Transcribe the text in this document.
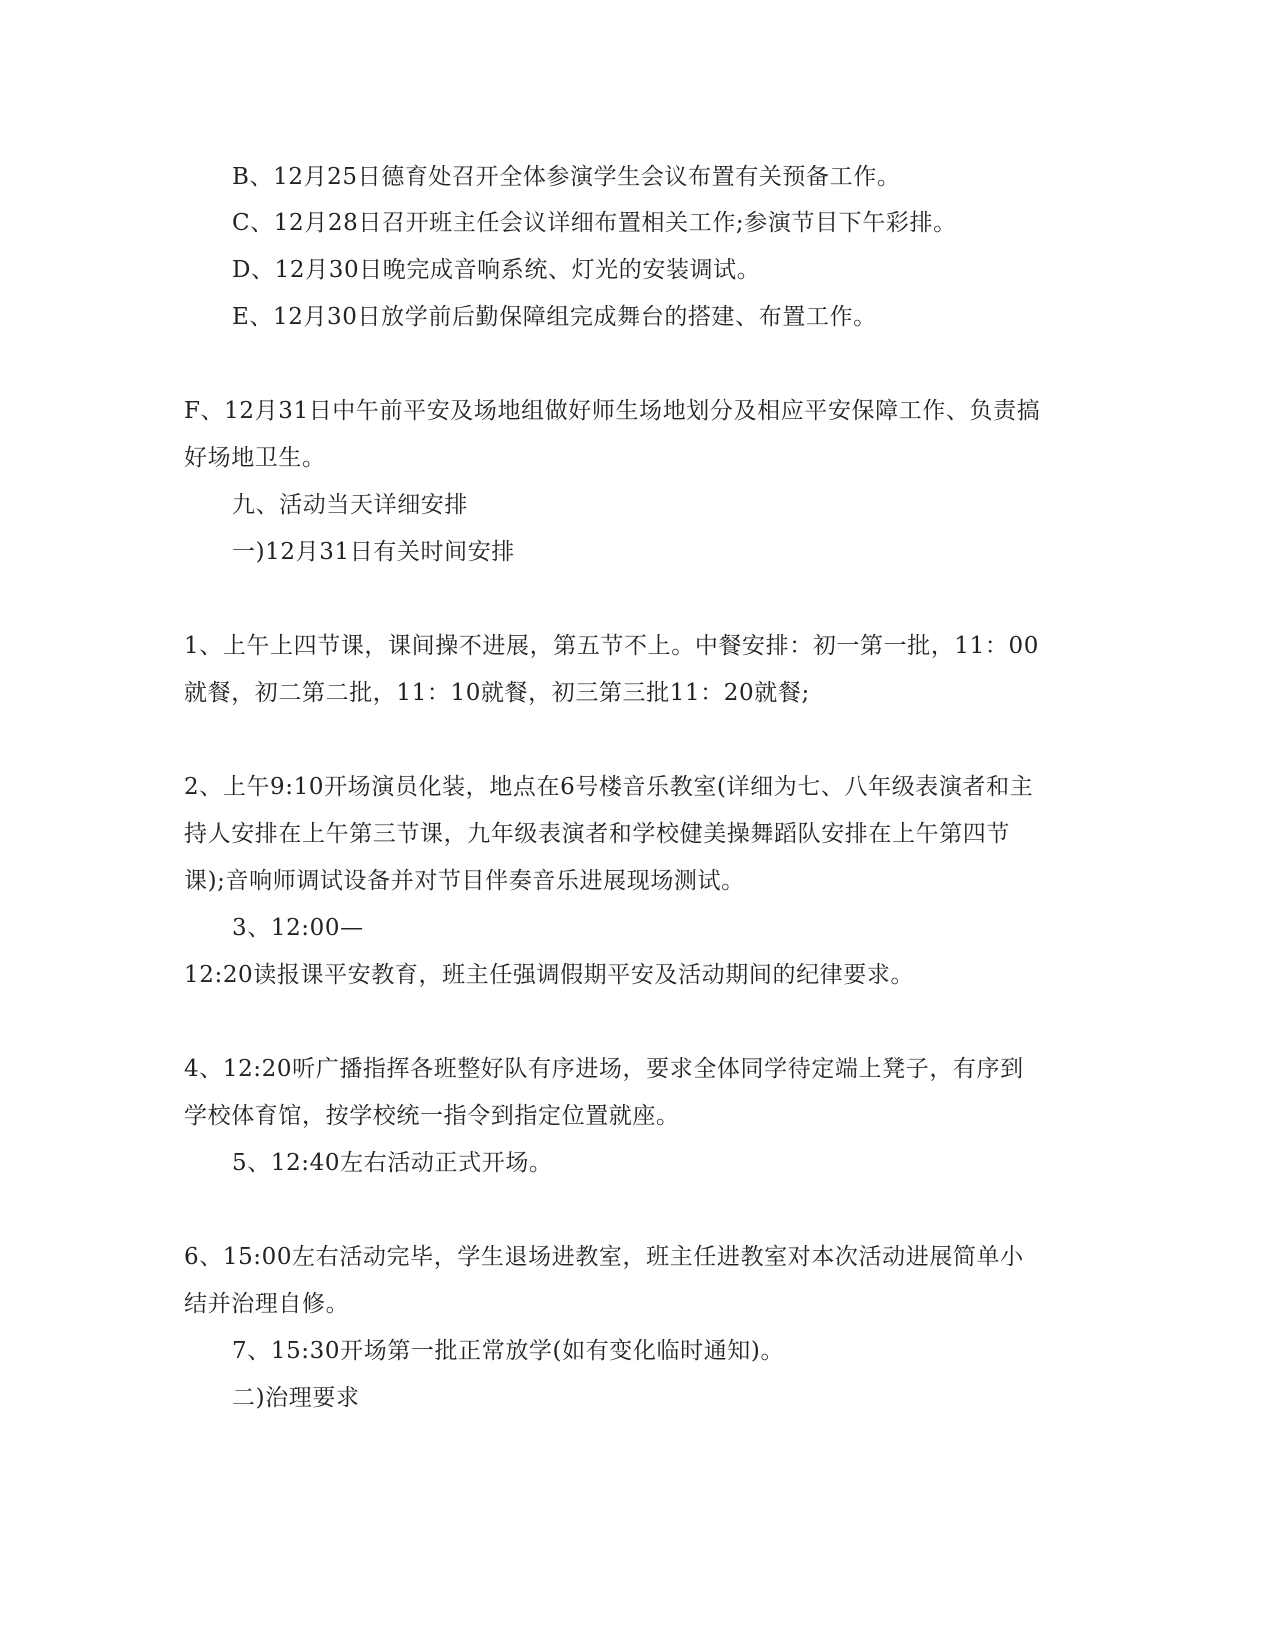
B、12月25日德育处召开全体参演学生会议布置有关预备工作。
C、12月28日召开班主任会议详细布置相关工作;参演节目下午彩排。
D、12月30日晚完成音响系统、灯光的安装调试。
E、12月30日放学前后勤保障组完成舞台的搭建、布置工作。
F、12月31日中午前平安及场地组做好师生场地划分及相应平安保障工作、负责搞
好场地卫生。
九、活动当天详细安排
一)12月31日有关时间安排
1、上午上四节课，课间操不进展，第五节不上。中餐安排：初一第一批，11：00
就餐，初二第二批，11：10就餐，初三第三批11：20就餐;
2、上午9:10开场演员化装，地点在6号楼音乐教室(详细为七、八年级表演者和主
持人安排在上午第三节课，九年级表演者和学校健美操舞蹈队安排在上午第四节
课);音响师调试设备并对节目伴奏音乐进展现场测试。
3、12:00—
12:20读报课平安教育，班主任强调假期平安及活动期间的纪律要求。
4、12:20听广播指挥各班整好队有序进场，要求全体同学待定端上凳子，有序到
学校体育馆，按学校统一指令到指定位置就座。
5、12:40左右活动正式开场。
6、15:00左右活动完毕，学生退场进教室，班主任进教室对本次活动进展简单小
结并治理自修。
7、15:30开场第一批正常放学(如有变化临时通知)。
二)治理要求
